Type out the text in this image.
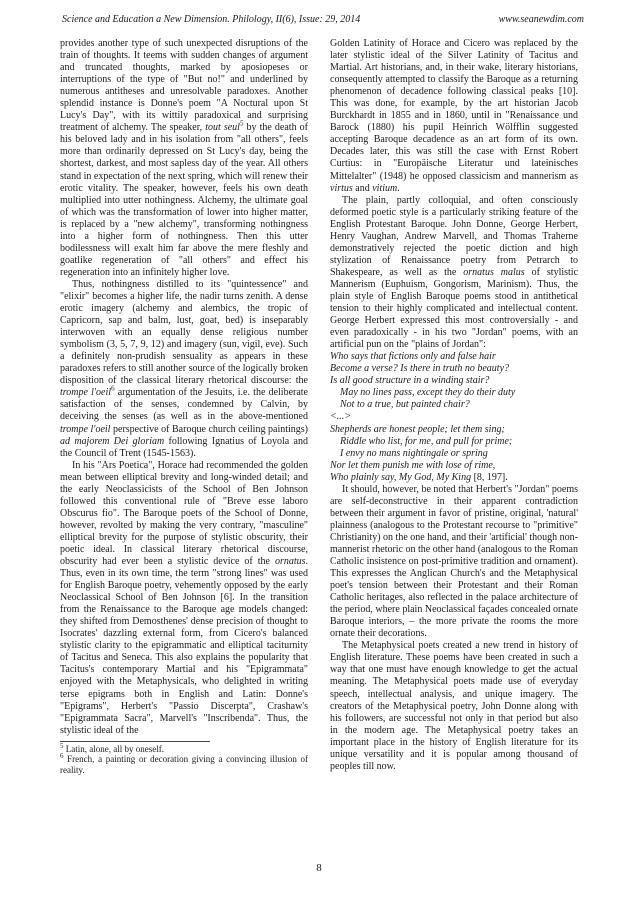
Science and Education a New Dimension. Philology, II(6), Issue: 29, 2014	www.seanewdim.com

provides another type of such unexpected disruptions of the train of thoughts. It teems with sudden changes of argument and truncated thoughts, marked by aposiopeses or interruptions of the type of "But no!" and underlined by numerous antitheses and unresolvable paradoxes. Another splendid instance is Donne's poem "A Noctural upon St Lucy's Day", with its wittily paradoxical and surprising treatment of alchemy. The speaker, tout seul$^5$ by the death of his beloved lady and in his isolation from "all others", feels more than ordinarily depressed on St Lucy's day, being the shortest, darkest, and most sapless day of the year. All others stand in expectation of the next spring, which will renew their erotic vitality. The speaker, however, feels his own death multiplied into utter nothingness. Alchemy, the ultimate goal of which was the transformation of lower into higher matter, is replaced by a "new alchemy", transforming nothingness into a higher form of nothingness. Then this utter bodilessness will exalt him far above the mere fleshly and goatlike regeneration of "all others" and effect his regeneration into an infinitely higher love.

Thus, nothingness distilled to its "quintessence" and "elixir" becomes a higher life, the nadir turns zenith. A dense erotic imagery (alchemy and alembics, the tropic of Capricorn, sap and balm, lust, goat, bed) is inseparably interwoven with an equally dense religious number symbolism (3, 5, 7, 9, 12) and imagery (sun, vigil, eve). Such a definitely non-prudish sensuality as appears in these paradoxes refers to still another source of the logically broken disposition of the classical literary rhetorical discourse: the trompe l'oeil$^6$ argumentation of the Jesuits, i.e. the deliberate satisfaction of the senses, condemned by Calvin, by deceiving the senses (as well as in the above-mentioned trompe l'oeil perspective of Baroque church ceiling paintings) ad majorem Dei gloriam following Ignatius of Loyola and the Council of Trent (1545-1563).

In his "Ars Poetica", Horace had recommended the golden mean between elliptical brevity and long-winded detail; and the early Neoclassicists of the School of Ben Johnson followed this conventional rule of "Breve esse laboro Obscurus fio". The Baroque poets of the School of Donne, however, revolted by making the very contrary, "masculine" elliptical brevity for the purpose of stylistic obscurity, their poetic ideal. In classical literary rhetorical discourse, obscurity had ever been a stylistic device of the ornatus. Thus, even in its own time, the term "strong lines" was used for English Baroque poetry, vehemently opposed by the early Neoclassical School of Ben Johnson [6]. In the transition from the Renaissance to the Baroque age models changed: they shifted from Demosthenes' dense precision of thought to Isocrates' dazzling external form, from Cicero's balanced stylistic clarity to the epigrammatic and elliptical taciturnity of Tacitus and Seneca. This also explains the popularity that Tacitus's contemporary Martial and his "Epigrammata" enjoyed with the Metaphysicals, who delighted in writing terse epigrams both in English and Latin: Donne's "Epigrams", Herbert's "Passio Discerpta", Crashaw's "Epigrammata Sacra", Marvell's "Inscribenda". Thus, the stylistic ideal of the

$^5$ Latin, alone, all by oneself.

$^6$ French, a painting or decoration giving a convincing illusion of reality.

Golden Latinity of Horace and Cicero was replaced by the later stylistic ideal of the Silver Latinity of Tacitus and Martial. Art historians, and, in their wake, literary historians, consequently attempted to classify the Baroque as a returning phenomenon of decadence following classical peaks [10]. This was done, for example, by the art historian Jacob Burckhardt in 1855 and in 1860, until in "Renaissance und Barock (1880) his pupil Heinrich Wölfflin suggested accepting Baroque decadence as an art form of its own. Decades later, this was still the case with Ernst Robert Curtius: in "Europäische Literatur und lateinisches Mittelalter" (1948) he opposed classicism and mannerism as virtus and vitium.

The plain, partly colloquial, and often consciously deformed poetic style is a particularly striking feature of the English Protestant Baroque. John Donne, George Herbert, Henry Vaughan, Andrew Marvell, and Thomas Traherne demonstratively rejected the poetic diction and high stylization of Renaissance poetry from Petrarch to Shakespeare, as well as the ornatus malus of stylistic Mannerism (Euphuism, Gongorism, Marinism). Thus, the plain style of English Baroque poems stood in antithetical tension to their highly complicated and intellectual content. George Herbert expressed this most controversially - and even paradoxically - in his two "Jordan" poems, with an artificial pun on the "plains of Jordan":

Who says that fictions only and false hair
Become a verse? Is there in truth no beauty?
Is all good structure in a winding stair?
May no lines pass, except they do their duty
Not to a true, but painted chair?
<...>
Shepherds are honest people; let them sing;
Riddle who list, for me, and pull for prime;
I envy no mans nightingale or spring
Nor let them punish me with lose of rime,
Who plainly say, My God, My King [8, 197].

It should, however, be noted that Herbert's "Jordan" poems are self-deconstructive in their apparent contradiction between their argument in favor of pristine, original, 'natural' plainness (analogous to the Protestant recourse to "primitive" Christianity) on the one hand, and their 'artificial' though non-mannerist rhetoric on the other hand (analogous to the Roman Catholic insistence on post-primitive tradition and ornament). This expresses the Anglican Church's and the Metaphysical poet's tension between their Protestant and their Roman Catholic heritages, also reflected in the palace architecture of the period, where plain Neoclassical façades concealed ornate Baroque interiors, – the more private the rooms the more ornate their decorations.

The Metaphysical poets created a new trend in history of English literature. These poems have been created in such a way that one must have enough knowledge to get the actual meaning. The Metaphysical poets made use of everyday speech, intellectual analysis, and unique imagery. The creators of the Metaphysical poetry, John Donne along with his followers, are successful not only in that period but also in the modern age. The Metaphysical poetry takes an important place in the history of English literature for its unique versatility and it is popular among thousand of peoples till now.

8
